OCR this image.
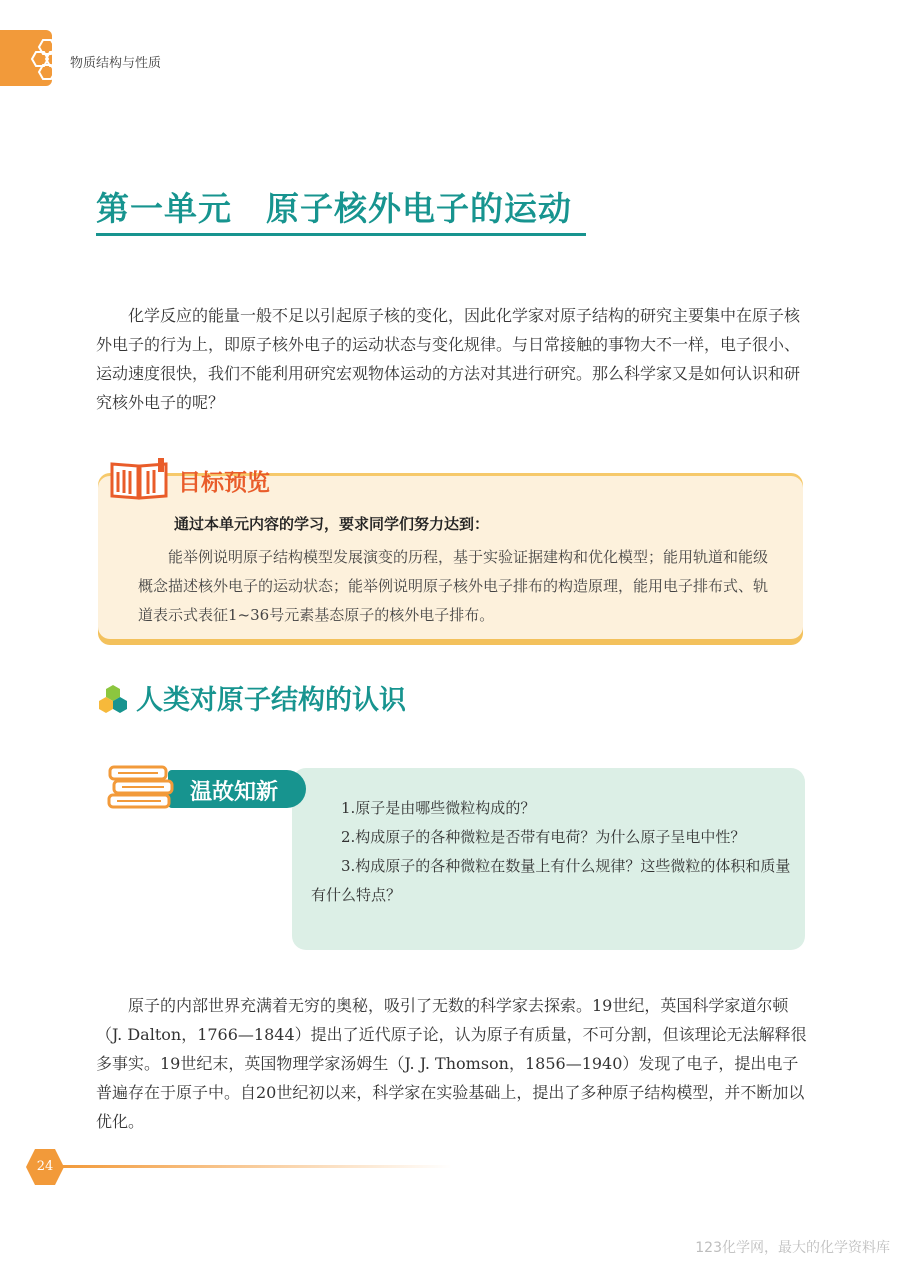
物质结构与性质
第一单元　原子核外电子的运动

化学反应的能量一般不足以引起原子核的变化，因此化学家对原子结构的研究主要集中在原子核外电子的行为上，即原子核外电子的运动状态与变化规律。与日常接触的事物大不一样，电子很小、运动速度很快，我们不能利用研究宏观物体运动的方法对其进行研究。那么科学家又是如何认识和研究核外电子的呢？

目标预览
通过本单元内容的学习，要求同学们努力达到：

能举例说明原子结构模型发展演变的历程，基于实验证据建构和优化模型；能用轨道和能级概念描述核外电子的运动状态；能举例说明原子核外电子排布的构造原理，能用电子排布式、轨道表示式表征1~36号元素基态原子的核外电子排布。

人类对原子结构的认识
温故知新
1.原子是由哪些微粒构成的？
2.构成原子的各种微粒是否带有电荷？为什么原子呈电中性？
3.构成原子的各种微粒在数量上有什么规律？这些微粒的体积和质量有什么特点？

原子的内部世界充满着无穷的奥秘，吸引了无数的科学家去探索。19世纪，英国科学家道尔顿（J. Dalton，1766—1844）提出了近代原子论，认为原子有质量，不可分割，但该理论无法解释很多事实。19世纪末，英国物理学家汤姆生（J. J. Thomson，1856—1940）发现了电子，提出电子普遍存在于原子中。自20世纪初以来，科学家在实验基础上，提出了多种原子结构模型，并不断加以优化。

24
123化学网，最大的化学资料库
